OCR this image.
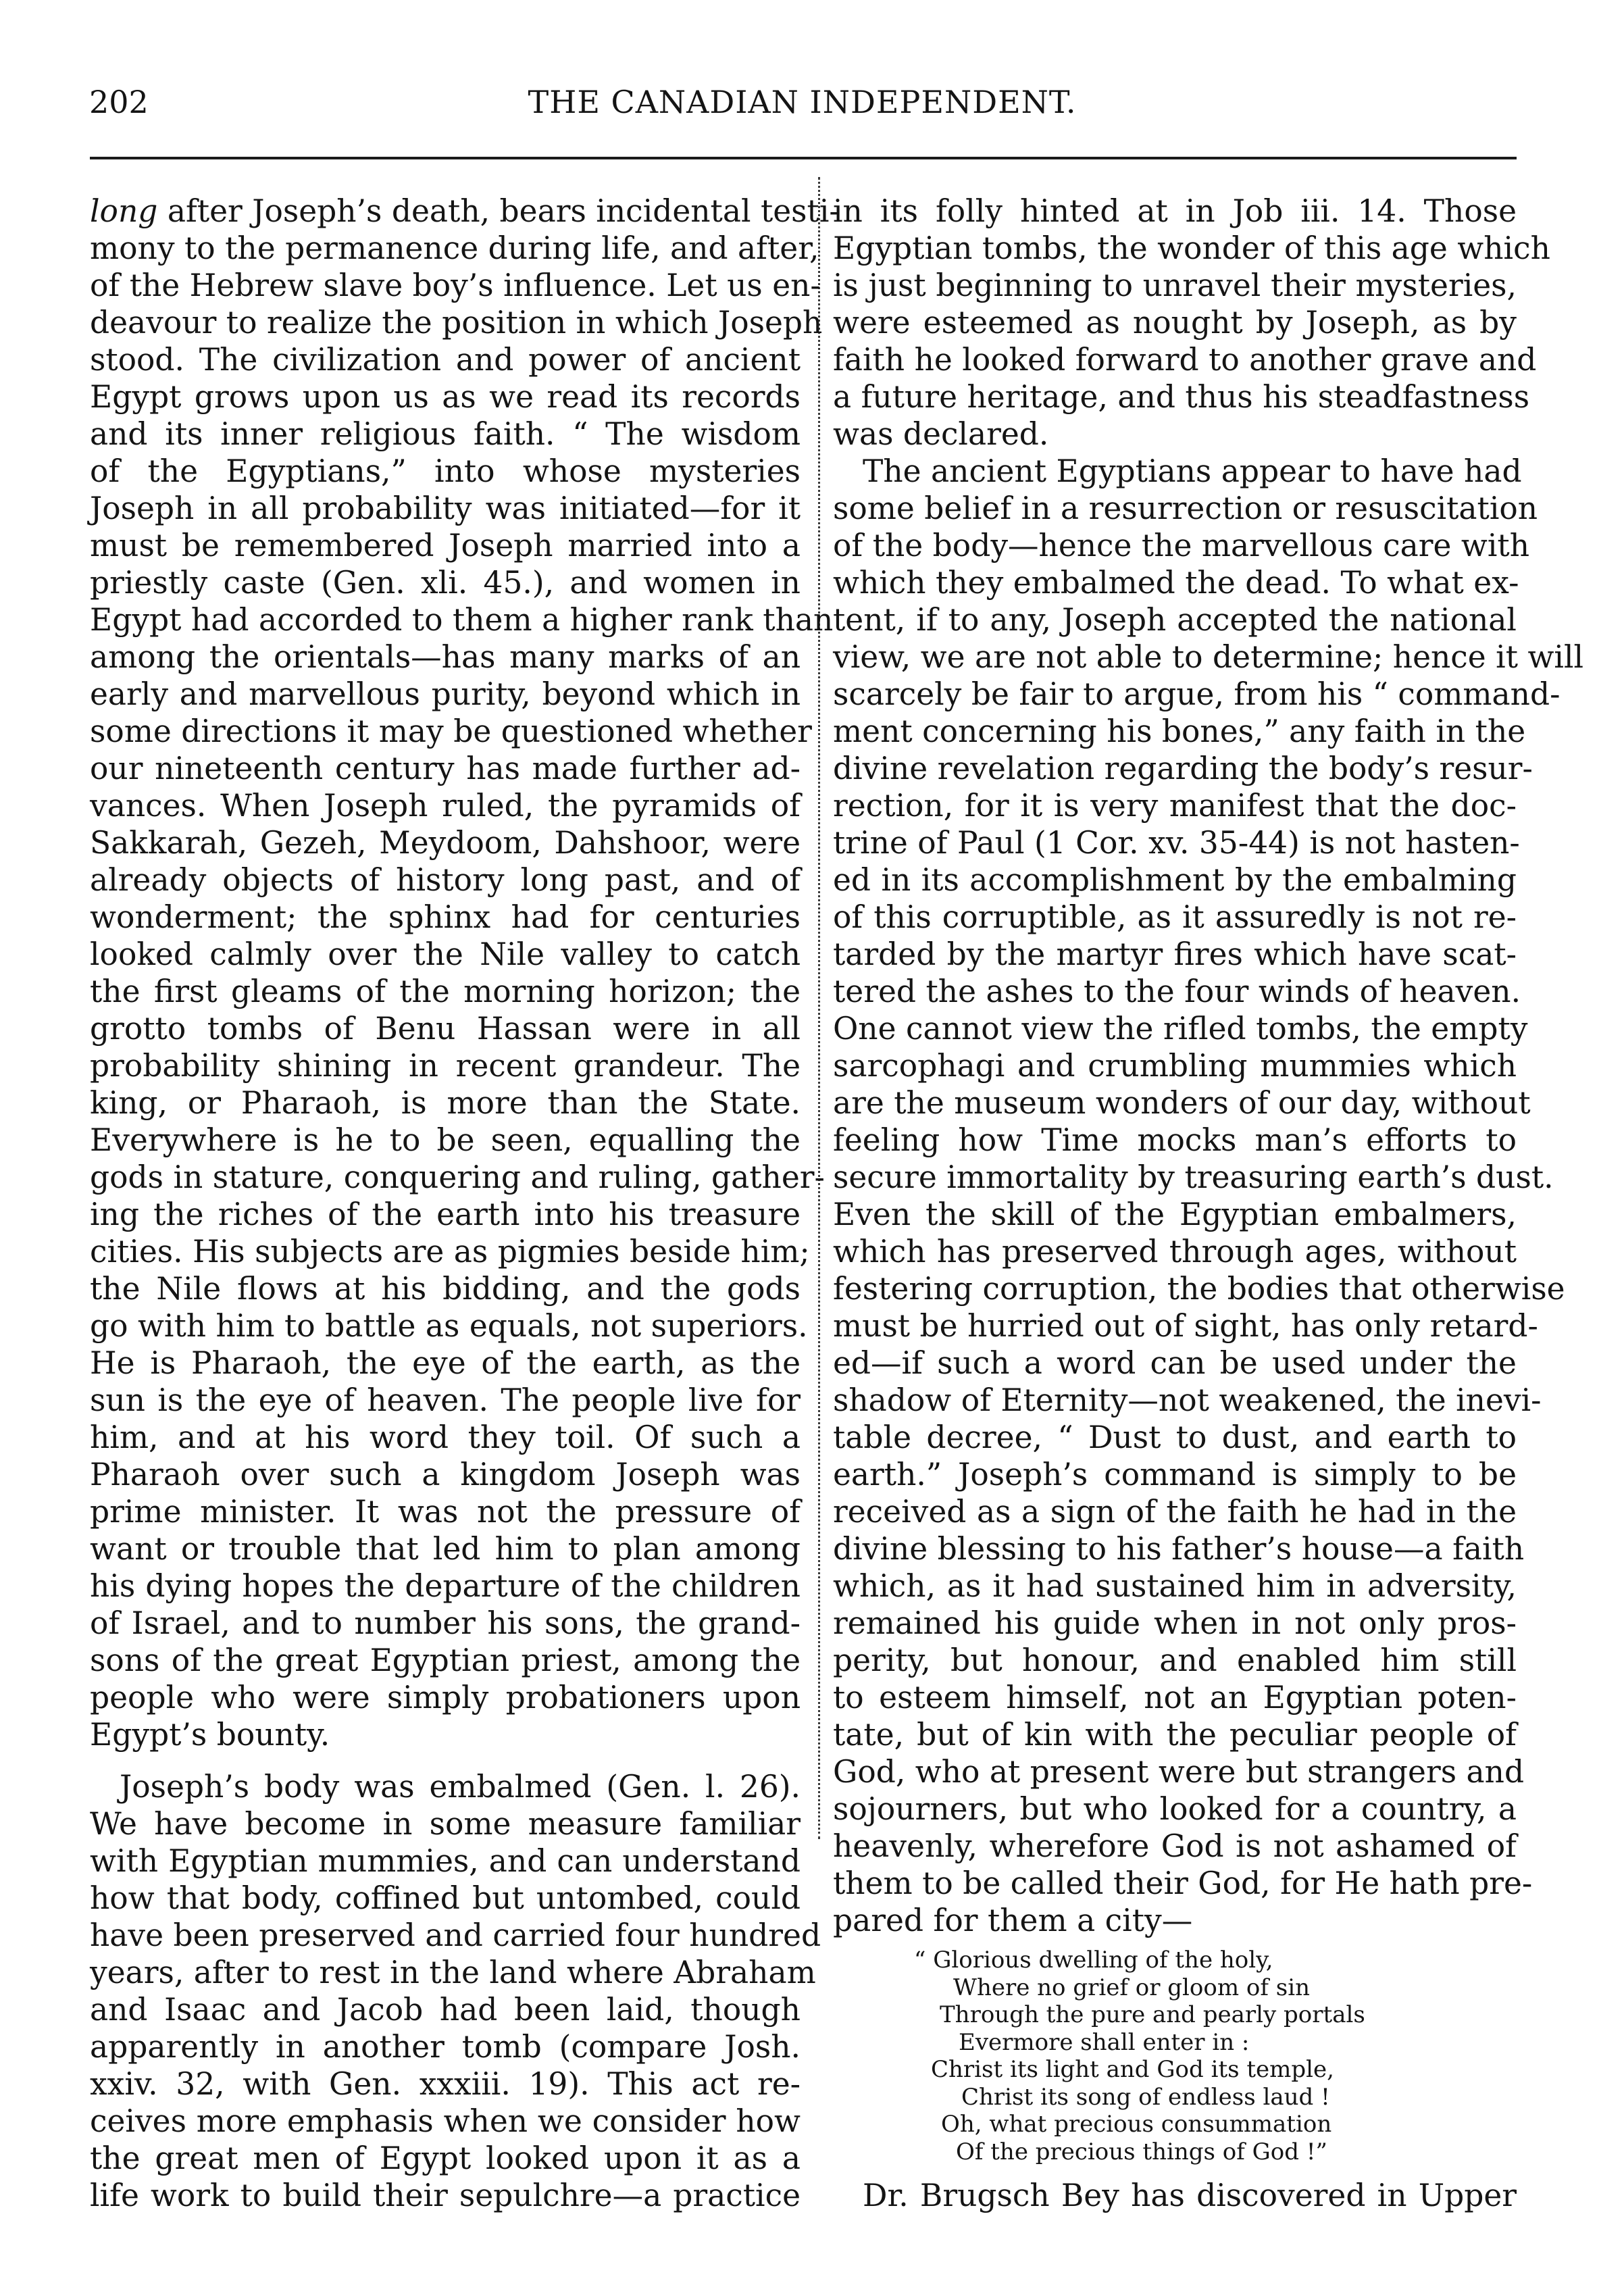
202	THE CANADIAN INDEPENDENT.
long after Joseph’s death, bears incidental testi-
mony to the permanence during life, and after,
of the Hebrew slave boy’s influence. Let us en-
deavour to realize the position in which Joseph
stood. The civilization and power of ancient
Egypt grows upon us as we read its records
and its inner religious faith. “ The wisdom
of the Egyptians,” into whose mysteries
Joseph in all probability was initiated—for it
must be remembered Joseph married into a
priestly caste (Gen. xli. 45.), and women in
Egypt had accorded to them a higher rank than
among the orientals—has many marks of an
early and marvellous purity, beyond which in
some directions it may be questioned whether
our nineteenth century has made further ad-
vances. When Joseph ruled, the pyramids of
Sakkarah, Gezeh, Meydoom, Dahshoor, were
already objects of history long past, and of
wonderment; the sphinx had for centuries
looked calmly over the Nile valley to catch
the first gleams of the morning horizon; the
grotto tombs of Benu Hassan were in all
probability shining in recent grandeur. The
king, or Pharaoh, is more than the State.
Everywhere is he to be seen, equalling the
gods in stature, conquering and ruling, gather-
ing the riches of the earth into his treasure
cities. His subjects are as pigmies beside him;
the Nile flows at his bidding, and the gods
go with him to battle as equals, not superiors.
He is Pharaoh, the eye of the earth, as the
sun is the eye of heaven. The people live for
him, and at his word they toil. Of such a
Pharaoh over such a kingdom Joseph was
prime minister. It was not the pressure of
want or trouble that led him to plan among
his dying hopes the departure of the children
of Israel, and to number his sons, the grand-
sons of the great Egyptian priest, among the
people who were simply probationers upon
Egypt’s bounty.
Joseph’s body was embalmed (Gen. l. 26).
We have become in some measure familiar
with Egyptian mummies, and can understand
how that body, coffined but untombed, could
have been preserved and carried four hundred
years, after to rest in the land where Abraham
and Isaac and Jacob had been laid, though
apparently in another tomb (compare Josh.
xxiv. 32, with Gen. xxxiii. 19). This act re-
ceives more emphasis when we consider how
the great men of Egypt looked upon it as a
life work to build their sepulchre—a practice
in its folly hinted at in Job iii. 14. Those
Egyptian tombs, the wonder of this age which
is just beginning to unravel their mysteries,
were esteemed as nought by Joseph, as by
faith he looked forward to another grave and
a future heritage, and thus his steadfastness
was declared.
The ancient Egyptians appear to have had
some belief in a resurrection or resuscitation
of the body—hence the marvellous care with
which they embalmed the dead. To what ex-
tent, if to any, Joseph accepted the national
view, we are not able to determine; hence it will
scarcely be fair to argue, from his “ command-
ment concerning his bones,” any faith in the
divine revelation regarding the body’s resur-
rection, for it is very manifest that the doc-
trine of Paul (1 Cor. xv. 35-44) is not hasten-
ed in its accomplishment by the embalming
of this corruptible, as it assuredly is not re-
tarded by the martyr fires which have scat-
tered the ashes to the four winds of heaven.
One cannot view the rifled tombs, the empty
sarcophagi and crumbling mummies which
are the museum wonders of our day, without
feeling how Time mocks man’s efforts to
secure immortality by treasuring earth’s dust.
Even the skill of the Egyptian embalmers,
which has preserved through ages, without
festering corruption, the bodies that otherwise
must be hurried out of sight, has only retard-
ed—if such a word can be used under the
shadow of Eternity—not weakened, the inevi-
table decree, “ Dust to dust, and earth to
earth.” Joseph’s command is simply to be
received as a sign of the faith he had in the
divine blessing to his father’s house—a faith
which, as it had sustained him in adversity,
remained his guide when in not only pros-
perity, but honour, and enabled him still
to esteem himself, not an Egyptian poten-
tate, but of kin with the peculiar people of
God, who at present were but strangers and
sojourners, but who looked for a country, a
heavenly, wherefore God is not ashamed of
them to be called their God, for He hath pre-
pared for them a city—
“ Glorious dwelling of the holy,
Where no grief or gloom of sin
Through the pure and pearly portals
Evermore shall enter in :
Christ its light and God its temple,
Christ its song of endless laud !
Oh, what precious consummation
Of the precious things of God !”
Dr. Brugsch Bey has discovered in Upper
